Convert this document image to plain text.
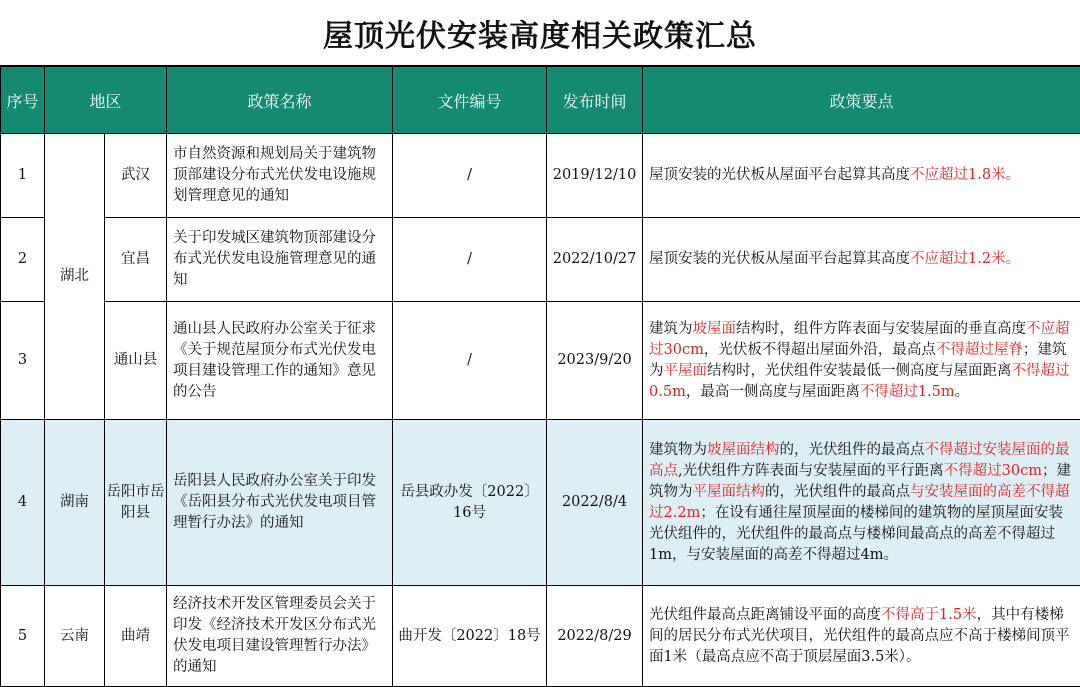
屋顶光伏安装高度相关政策汇总
序号	地区		政策名称	文件编号	发布时间	政策要点
1	湖北	武汉	市自然资源和规划局关于建筑物顶部建设分布式光伏发电设施规划管理意见的通知	/	2019/12/10	屋顶安装的光伏板从屋面平台起算其高度不应超过1.8米。
2		宜昌	关于印发城区建筑物顶部建设分布式光伏发电设施管理意见的通知	/	2022/10/27	屋顶安装的光伏板从屋面平台起算其高度不应超过1.2米。
3		通山县	通山县人民政府办公室关于征求《关于规范屋顶分布式光伏发电项目建设管理工作的通知》意见的公告	/	2023/9/20	建筑为坡屋面结构时，组件方阵表面与安装屋面的垂直高度不应超过30cm，光伏板不得超出屋面外沿，最高点不得超过屋脊；建筑为平屋面结构时，光伏组件安装最低一侧高度与屋面距离不得超过0.5m，最高一侧高度与屋面距离不得超过1.5m。
4	湖南	岳阳市岳阳县	岳阳县人民政府办公室关于印发《岳阳县分布式光伏发电项目管理暂行办法》的通知	岳县政办发〔2022〕16号	2022/8/4	建筑物为坡屋面结构的，光伏组件的最高点不得超过安装屋面的最高点,光伏组件方阵表面与安装屋面的平行距离不得超过30cm；建筑物为平屋面结构的，光伏组件的最高点与安装屋面的高差不得超过2.2m；在设有通往屋顶屋面的楼梯间的建筑物的屋顶屋面安装光伏组件的，光伏组件的最高点与楼梯间最高点的高差不得超过1m，与安装屋面的高差不得超过4m。
5	云南	曲靖	经济技术开发区管理委员会关于印发《经济技术开发区分布式光伏发电项目建设管理暂行办法》的通知	曲开发〔2022〕18号	2022/8/29	光伏组件最高点距离铺设平面的高度不得高于1.5米，其中有楼梯间的居民分布式光伏项目，光伏组件的最高点应不高于楼梯间顶平面1米（最高点应不高于顶层屋面3.5米）。
